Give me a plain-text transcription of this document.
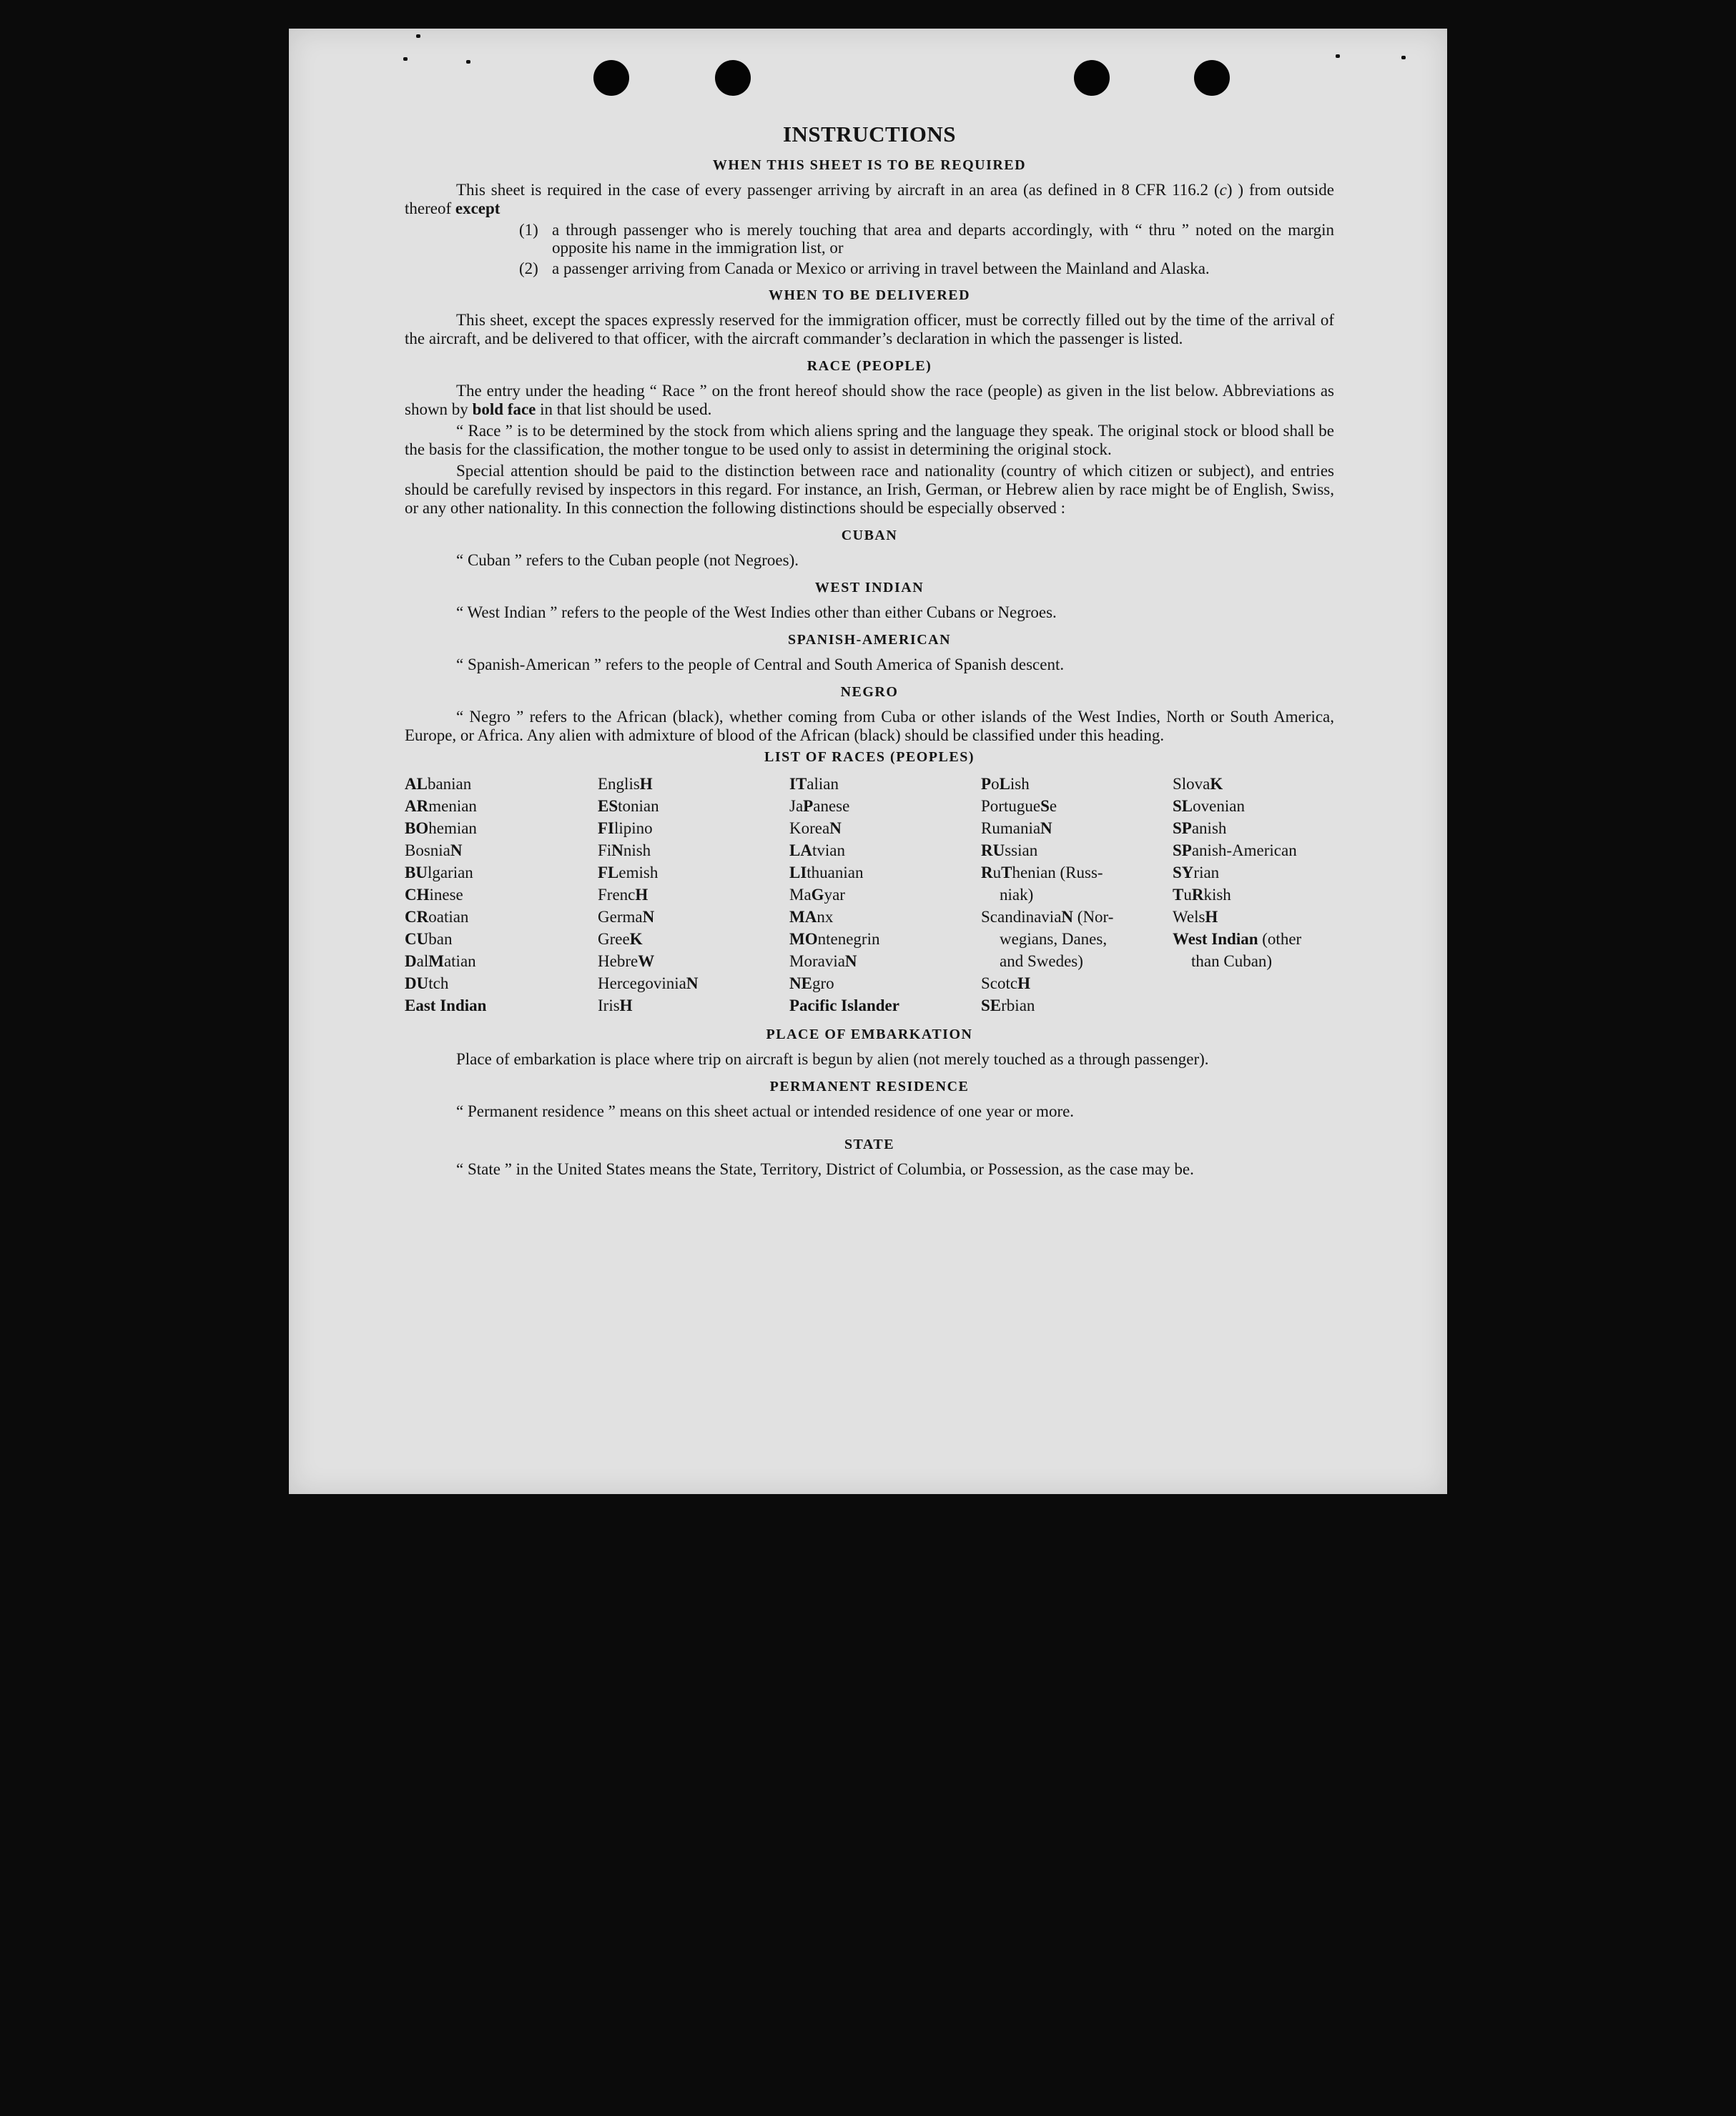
INSTRUCTIONS
WHEN THIS SHEET IS TO BE REQUIRED

This sheet is required in the case of every passenger arriving by aircraft in an area (as defined in 8 CFR 116.2 (c) ) from outside thereof except

(1) a through passenger who is merely touching that area and departs accordingly, with “ thru ” noted on the margin opposite his name in the immigration list, or
(2) a passenger arriving from Canada or Mexico or arriving in travel between the Mainland and Alaska.
WHEN TO BE DELIVERED

This sheet, except the spaces expressly reserved for the immigration officer, must be correctly filled out by the time of the arrival of the aircraft, and be delivered to that officer, with the aircraft commander’s declaration in which the passenger is listed.

RACE (PEOPLE)

The entry under the heading “ Race ” on the front hereof should show the race (people) as given in the list below. Abbreviations as shown by bold face in that list should be used.

“ Race ” is to be determined by the stock from which aliens spring and the language they speak. The original stock or blood shall be the basis for the classification, the mother tongue to be used only to assist in determining the original stock.

Special attention should be paid to the distinction between race and nationality (country of which citizen or subject), and entries should be carefully revised by inspectors in this regard. For instance, an Irish, German, or Hebrew alien by race might be of English, Swiss, or any other nationality. In this connection the following distinctions should be especially observed :

CUBAN

“ Cuban ” refers to the Cuban people (not Negroes).

WEST INDIAN

“ West Indian ” refers to the people of the West Indies other than either Cubans or Negroes.

SPANISH-AMERICAN

“ Spanish-American ” refers to the people of Central and South America of Spanish descent.

NEGRO

“ Negro ” refers to the African (black), whether coming from Cuba or other islands of the West Indies, North or South America, Europe, or Africa. Any alien with admixture of blood of the African (black) should be classified under this heading.

LIST OF RACES (PEOPLES)
ALbanian
ARmenian
BOhemian
BosniaN
BUlgarian
CHinese
CRoatian
CUban
DalMatian
DUtch
East Indian
EnglisH
EStonian
FIlipino
FiNnish
FLemish
FrencH
GermaN
GreeK
HebreW
HercegoviniaN
IrisH
ITalian
JaPanese
KoreaN
LAtvian
LIthuanian
MaGyar
MAnx
MOntenegrin
MoraviaN
NEgro
Pacific Islander
PoLish
PortugueSe
RumaniaN
RUssian
RuThenian (Russ-
niak)
ScandinaviaN (Nor-
wegians, Danes,
and Swedes)
ScotcH
SErbian
SlovaK
SLovenian
SPanish
SPanish-American
SYrian
TuRkish
WelsH
West Indian (other
than Cuban)
PLACE OF EMBARKATION

Place of embarkation is place where trip on aircraft is begun by alien (not merely touched as a through passenger).

PERMANENT RESIDENCE

“ Permanent residence ” means on this sheet actual or intended residence of one year or more.

STATE

“ State ” in the United States means the State, Territory, District of Columbia, or Possession, as the case may be.
